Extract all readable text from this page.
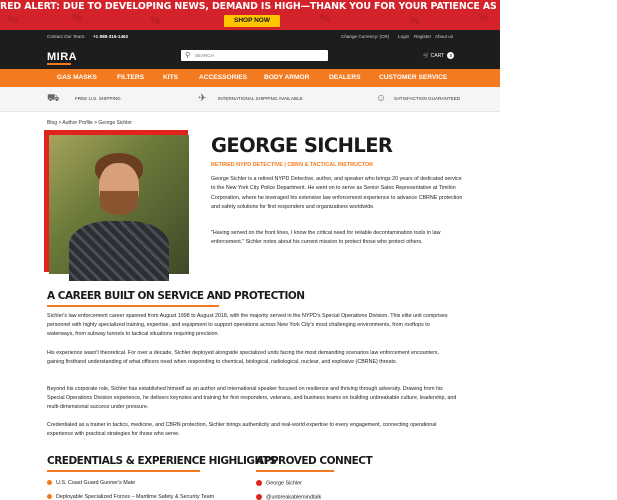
%	%	%	%	%	%
RED ALERT: DUE TO DEVELOPING NEWS, DEMAND IS HIGH—THANK YOU FOR YOUR PATIENCE AS WE PROCESS ORDERS.
SHOP NOW
Contact Our Team: +1 888-316-1462	Change Currency: (CR) Login Register About us
MIRA	⚲
SEARCH	🛒 CART 0
GAS MASKS	FILTERS	KITS	ACCESSORIES	BODY ARMOR	DEALERS	CUSTOMER SERVICE
⛟	FREE U.S. SHIPPING	✈	INTERNATIONAL SHIPPING AVAILABLE	☺ SATISFACTION GUARANTEED
Blog > Author Profile > George Sichler
GEORGE SICHLER
RETIRED NYPD DETECTIVE | CBRN & TACTICAL INSTRUCTOR
George Sichler is a retired NYPD Detective, author, and speaker who brings 20 years of dedicated service to the New York City Police Department. He went on to serve as Senior Sales Representative at Timilon Corporation, where he leveraged his extensive law enforcement experience to advance CBRNE protection and safety solutions for first responders and organizations worldwide.
"Having served on the front lines, I know the critical need for reliable decontamination tools in law enforcement," Sichler notes about his current mission to protect those who protect others.
A CAREER BUILT ON SERVICE AND PROTECTION
Sichler's law enforcement career spanned from August 1998 to August 2018, with the majority served in the NYPD's Special Operations Division. This elite unit comprises personnel with highly specialized training, expertise, and equipment to support operations across New York City's most challenging environments, from rooftops to waterways, from subway tunnels to tactical situations requiring precision.
His experience wasn't theoretical. For over a decade, Sichler deployed alongside specialized units facing the most demanding scenarios law enforcement encounters, gaining firsthand understanding of what officers need when responding to chemical, biological, radiological, nuclear, and explosive (CBRNE) threats.
Beyond his corporate role, Sichler has established himself as an author and international speaker focused on resilience and thriving through adversity. Drawing from his Special Operations Division experience, he delivers keynotes and training for first responders, veterans, and business teams on building unbreakable culture, leadership, and multi-dimensional success under pressure.
Credentialed as a trainer in tactics, medicine, and CBRN protection, Sichler brings authenticity and real-world expertise to every engagement, connecting operational experience with practical strategies for those who serve.
CREDENTIALS & EXPERIENCE HIGHLIGHTS
U.S. Coast Guard Gunner's Mate
Deployable Specialized Forces – Maritime Safety & Security Team
APPROVED CONNECT
George Sichler
@unbreakablemindtalk
